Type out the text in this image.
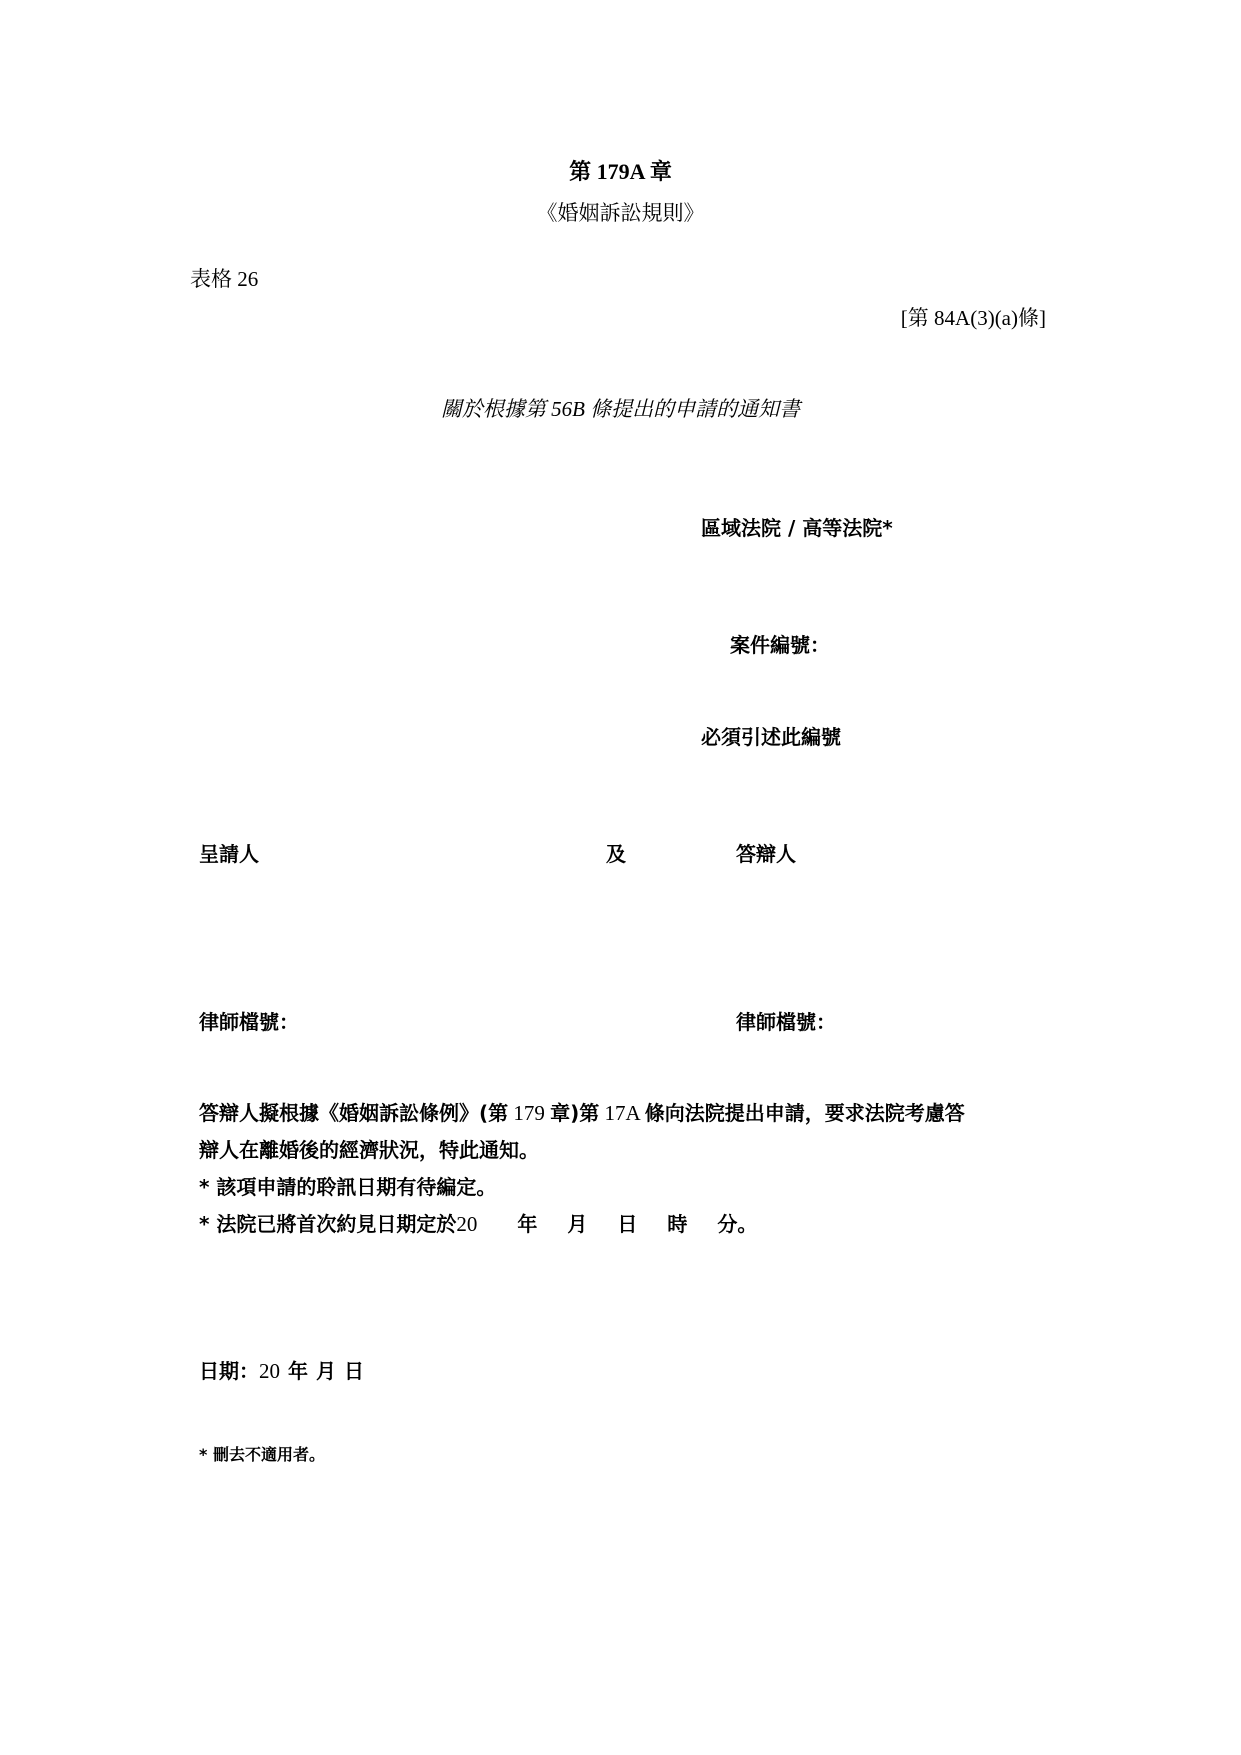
第 179A 章
《婚姻訴訟規則》
表格 26
[第 84A(3)(a)條]
關於根據第 56B 條提出的申請的通知書
區域法院 / 高等法院*
案件編號：
必須引述此編號
呈請人	及	答辯人
律師檔號：	律師檔號：
答辯人擬根據《婚姻訴訟條例》(第 179 章)第 17A 條向法院提出申請，要求法院考慮答
辯人在離婚後的經濟狀況，特此通知。
* 該項申請的聆訊日期有待編定。
* 法院已將首次約見日期定於20 年 月 日 時 分。
日期：20 年 月 日
* 刪去不適用者。
